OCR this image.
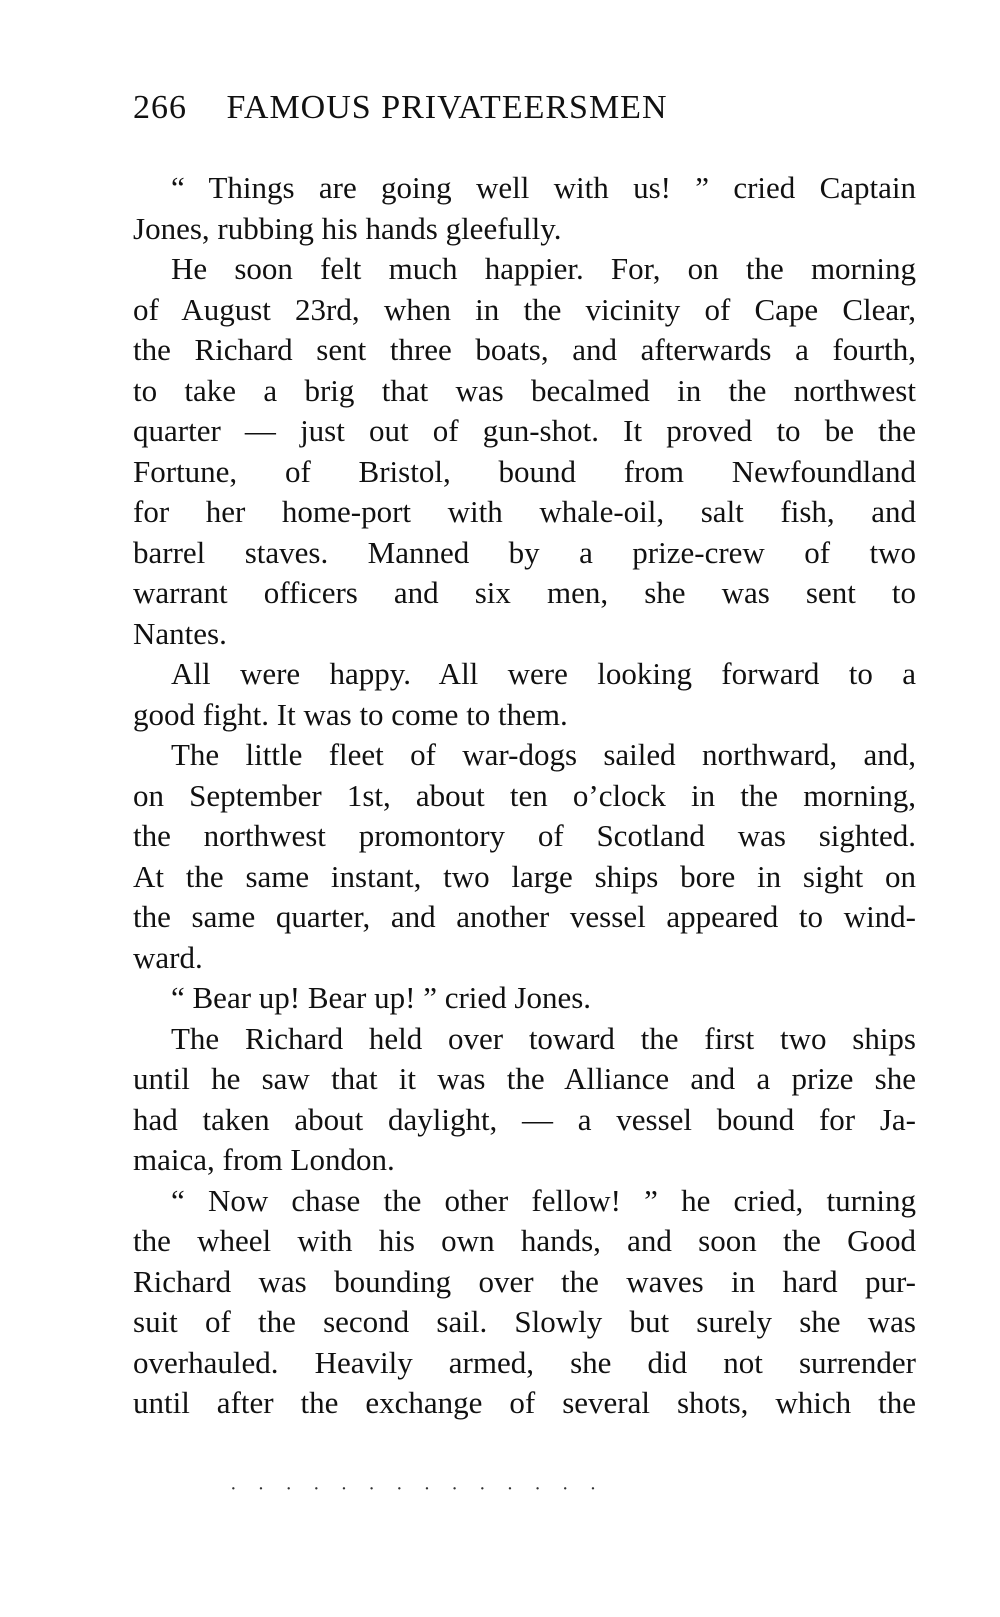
266 FAMOUS PRIVATEERSMEN
“ Things are going well with us! ” cried Captain
Jones, rubbing his hands gleefully.
He soon felt much happier. For, on the morning
of August 23rd, when in the vicinity of Cape Clear,
the Richard sent three boats, and afterwards a fourth,
to take a brig that was becalmed in the northwest
quarter — just out of gun-shot. It proved to be the
Fortune, of Bristol, bound from Newfoundland
for her home-port with whale-oil, salt fish, and
barrel staves. Manned by a prize-crew of two
warrant officers and six men, she was sent to
Nantes.
All were happy. All were looking forward to a
good fight. It was to come to them.
The little fleet of war-dogs sailed northward, and,
on September 1st, about ten o’clock in the morning,
the northwest promontory of Scotland was sighted.
At the same instant, two large ships bore in sight on
the same quarter, and another vessel appeared to wind-
ward.
“ Bear up! Bear up! ” cried Jones.
The Richard held over toward the first two ships
until he saw that it was the Alliance and a prize she
had taken about daylight, — a vessel bound for Ja-
maica, from London.
“ Now chase the other fellow! ” he cried, turning
the wheel with his own hands, and soon the Good
Richard was bounding over the waves in hard pur-
suit of the second sail. Slowly but surely she was
overhauled. Heavily armed, she did not surrender
until after the exchange of several shots, which the
· · · · · · · · · · · · · ·
